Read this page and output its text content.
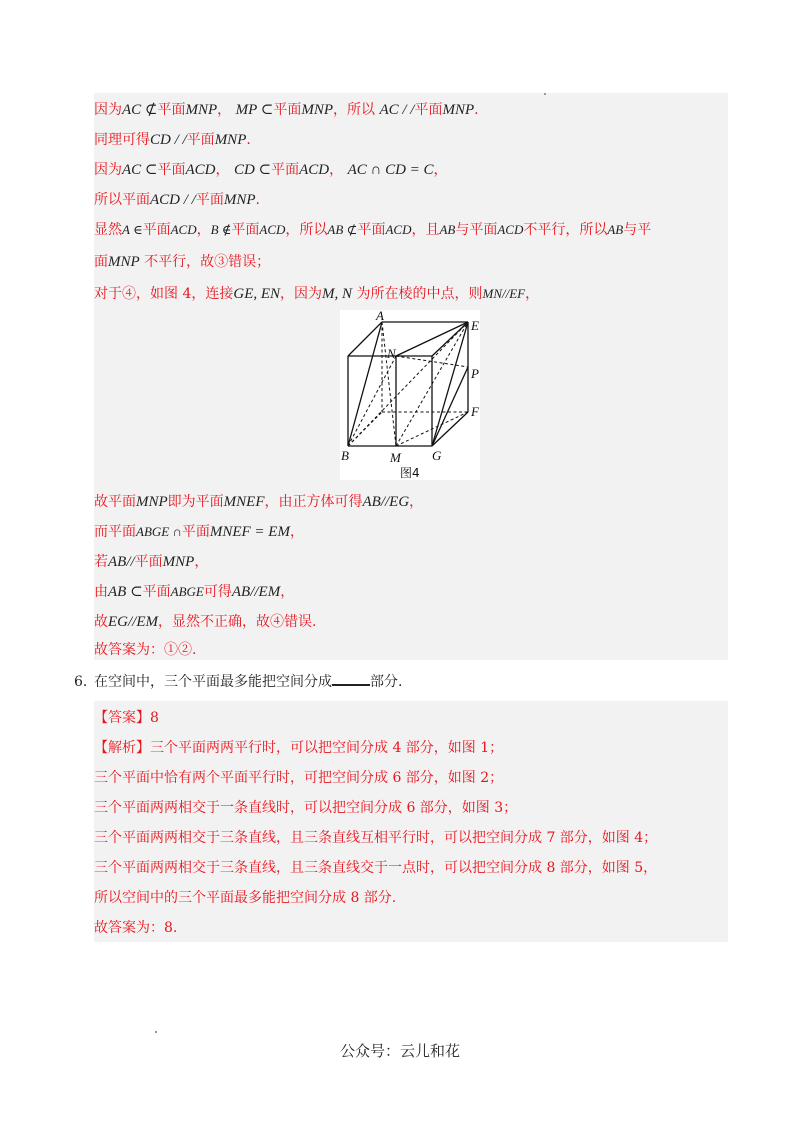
因为AC ⊄平面MNP， MP ⊂平面MNP，所以 AC / /平面MNP.
同理可得CD / /平面MNP.
因为AC ⊂平面ACD， CD ⊂平面ACD， AC ∩ CD = C，
所以平面ACD / /平面MNP.
显然A ∈平面ACD，B ∉平面ACD，所以AB ⊄平面ACD，且AB与平面ACD不平行，所以AB与平
面MNP 不平行，故③错误；
对于④，如图 4，连接GE, EN，因为M, N 为所在棱的中点，则MN//EF，
A
E
N
P
F
B	M G
图4
故平面MNP即为平面MNEF，由正方体可得AB//EG，
而平面ABGE ∩平面MNEF = EM，
若AB//平面MNP，
由AB ⊂平面ABGE可得AB//EM，
故EG//EM，显然不正确，故④错误.
故答案为：①②.
6．
在空间中，三个平面最多能把空间分成	部分.
【答案】8
【解析】三个平面两两平行时，可以把空间分成 4 部分，如图 1；
三个平面中恰有两个平面平行时，可把空间分成 6 部分，如图 2；
三个平面两两相交于一条直线时，可以把空间分成 6 部分，如图 3；
三个平面两两相交于三条直线，且三条直线互相平行时，可以把空间分成 7 部分，如图 4；
三个平面两两相交于三条直线，且三条直线交于一点时，可以把空间分成 8 部分，如图 5，
所以空间中的三个平面最多能把空间分成 8 部分.
故答案为：8.
公众号：云儿和花
